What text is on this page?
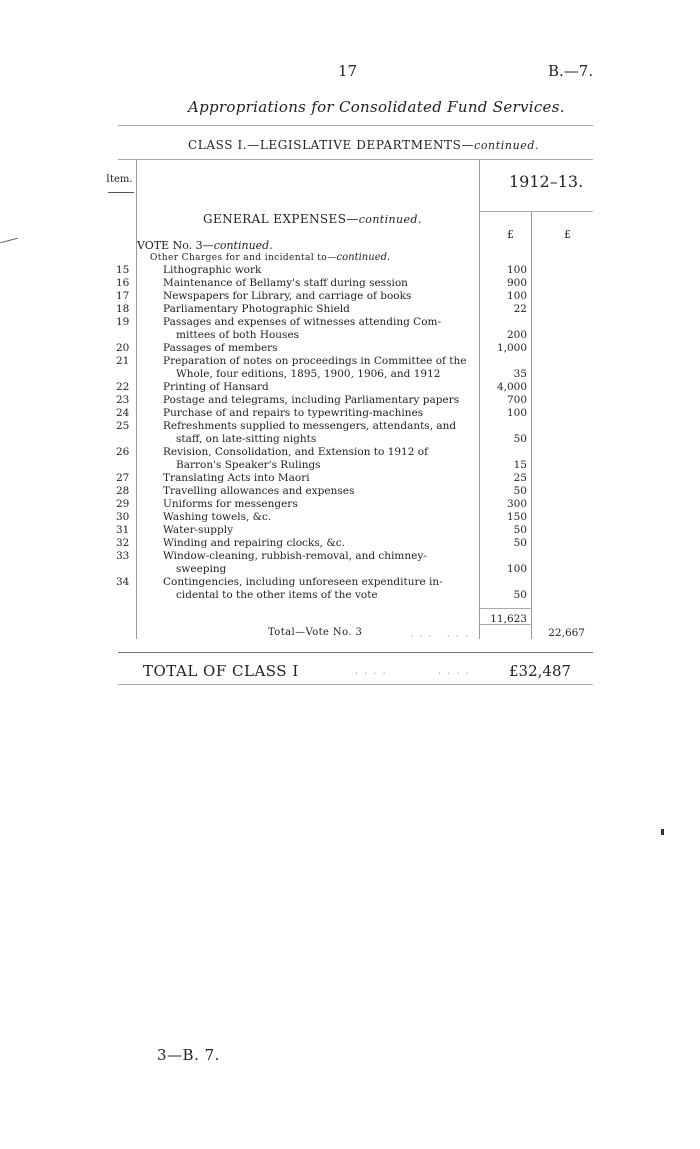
17	B.—7.
Appropriations for Consolidated Fund Services.
CLASS I.—LEGISLATIVE DEPARTMENTS—continued.
Item.	1912–13.
GENERAL EXPENSES—continued.
£	£
VOTE No. 3—continued.
Other Charges for and incidental to—continued.
15	Lithographic work	100
16	Maintenance of Bellamy's staff during session	900
17	Newspapers for Library, and carriage of books	100
18	Parliamentary Photographic Shield	22
19	Passages and expenses of witnesses attending Com-
mittees of both Houses	200
20	Passages of members	1,000
21	Preparation of notes on proceedings in Committee of the
Whole, four editions, 1895, 1900, 1906, and 1912	35
22	Printing of Hansard	4,000
23	Postage and telegrams, including Parliamentary papers	700
24	Purchase of and repairs to typewriting-machines	100
25	Refreshments supplied to messengers, attendants, and
staff, on late-sitting nights	50
26	Revision, Consolidation, and Extension to 1912 of
Barron's Speaker's Rulings	15
27	Translating Acts into Maori	25
28	Travelling allowances and expenses	50
29	Uniforms for messengers	300
30	Washing towels, &c.	150
31	Water-supply	50
32	Winding and repairing clocks, &c.	50
33	Window-cleaning, rubbish-removal, and chimney-
sweeping	100
34	Contingencies, including unforeseen expenditure in-
cidental to the other items of the vote	50
11,623
Total—Vote No. 3	... ...	22,667
TOTAL OF CLASS I	....	.... £32,487
3—B. 7.
